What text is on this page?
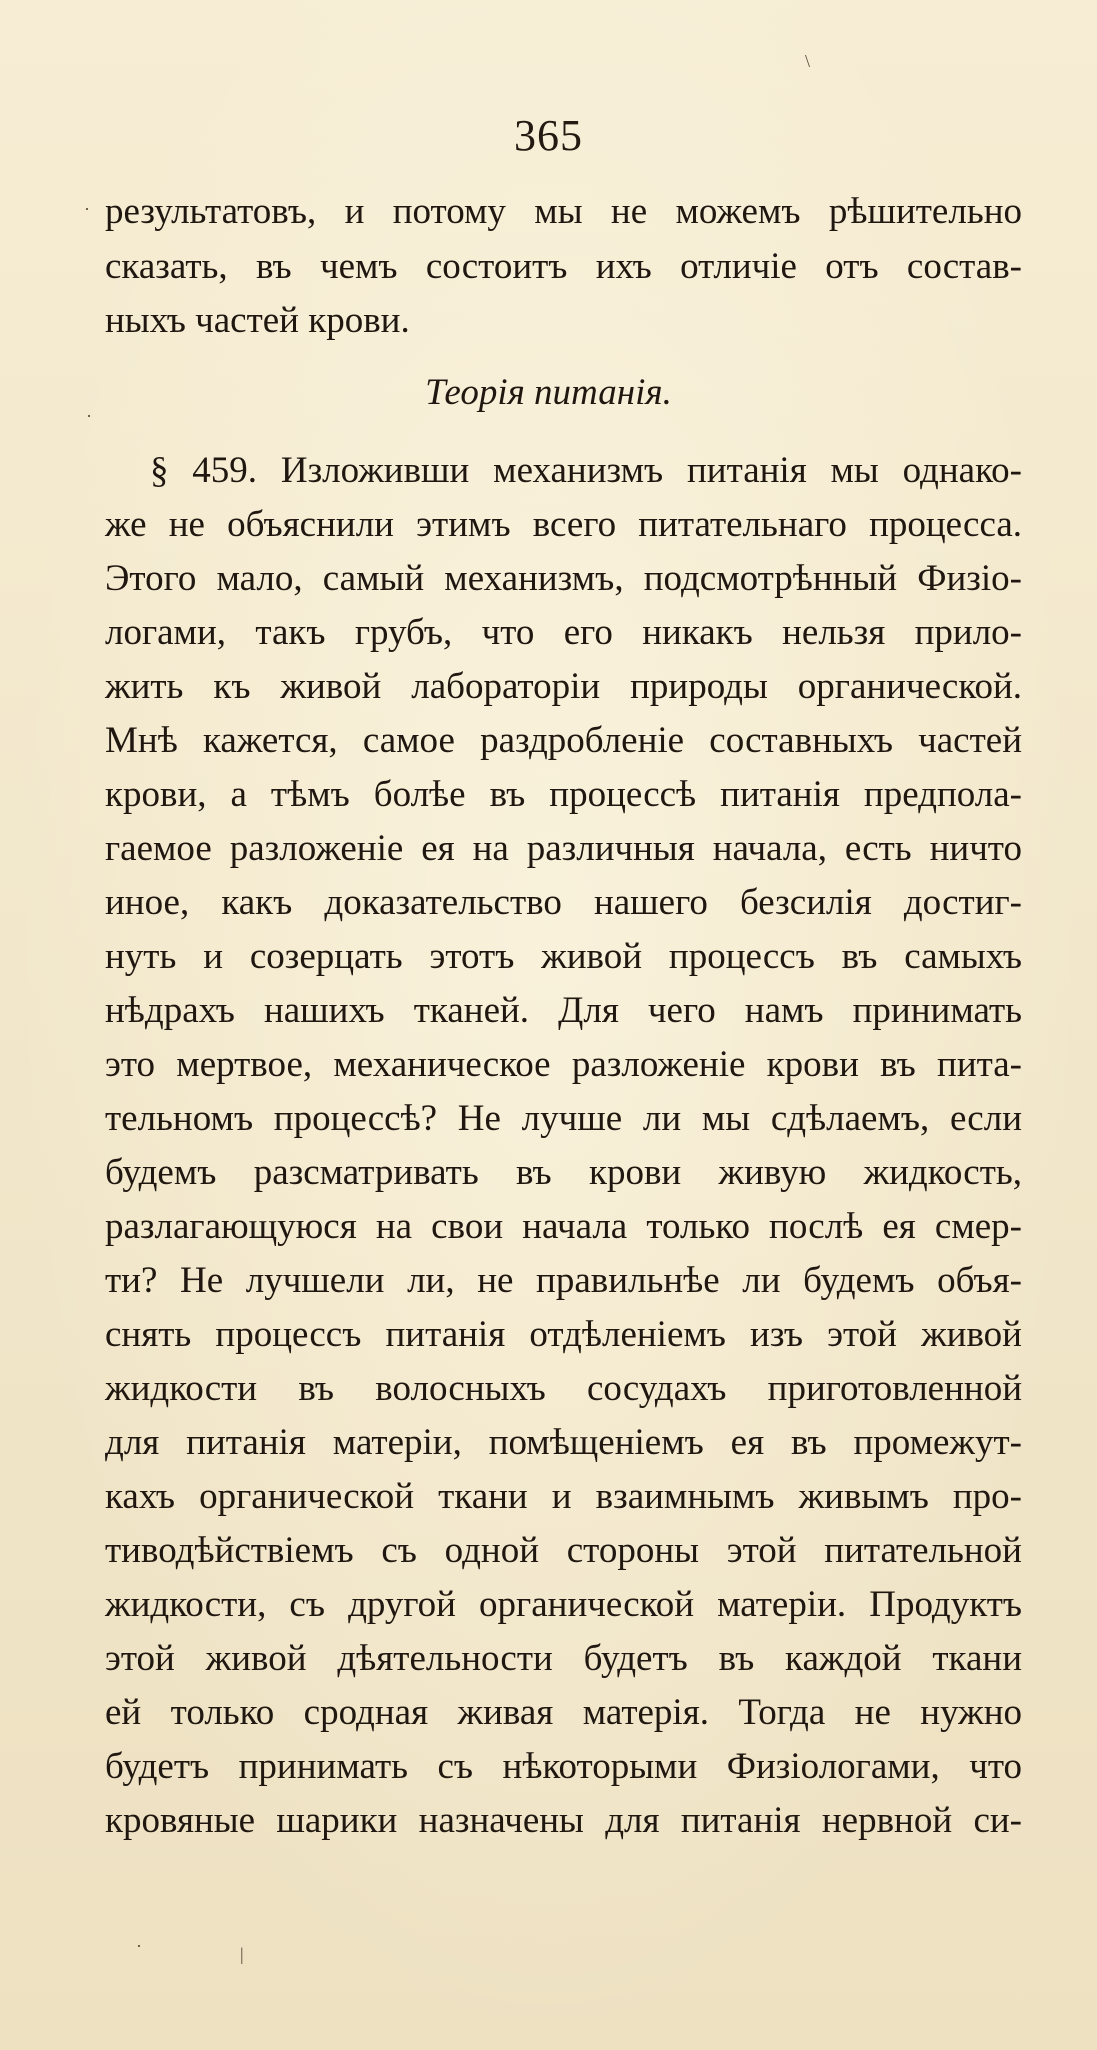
365
результатовъ, и потому мы не можемъ рѣшительно
сказать, въ чемъ состоитъ ихъ отличіе отъ состав-
ныхъ частей крови.
Теорія питанія.
§ 459. Изложивши механизмъ питанія мы однако-
же не объяснили этимъ всего питательнаго процесса.
Этого мало, самый механизмъ, подсмотрѣнный Физіо-
логами, такъ грубъ, что его никакъ нельзя прило-
жить къ живой лабораторіи природы органической.
Мнѣ кажется, самое раздробленіе составныхъ частей
крови, а тѣмъ болѣе въ процессѣ питанія предпола-
гаемое разложеніе ея на различныя начала, есть ничто
иное, какъ доказательство нашего безсилія достиг-
нуть и созерцать этотъ живой процессъ въ самыхъ
нѣдрахъ нашихъ тканей. Для чего намъ принимать
это мертвое, механическое разложеніе крови въ пита-
тельномъ процессѣ? Не лучше ли мы сдѣлаемъ, если
будемъ разсматривать въ крови живую жидкость,
разлагающуюся на свои начала только послѣ ея смер-
ти? Не лучшели ли, не правильнѣе ли будемъ объя-
снять процессъ питанія отдѣленіемъ изъ этой живой
жидкости въ волосныхъ сосудахъ приготовленной
для питанія матеріи, помѣщеніемъ ея въ промежут-
кахъ органической ткани и взаимнымъ живымъ про-
тиводѣйствіемъ съ одной стороны этой питательной
жидкости, съ другой органической матеріи. Продуктъ
этой живой дѣятельности будетъ въ каждой ткани
ей только сродная живая матерія. Тогда не нужно
будетъ принимать съ нѣкоторыми Физіологами, что
кровяные шарики назначены для питанія нервной си-
\
·
·
|
·
